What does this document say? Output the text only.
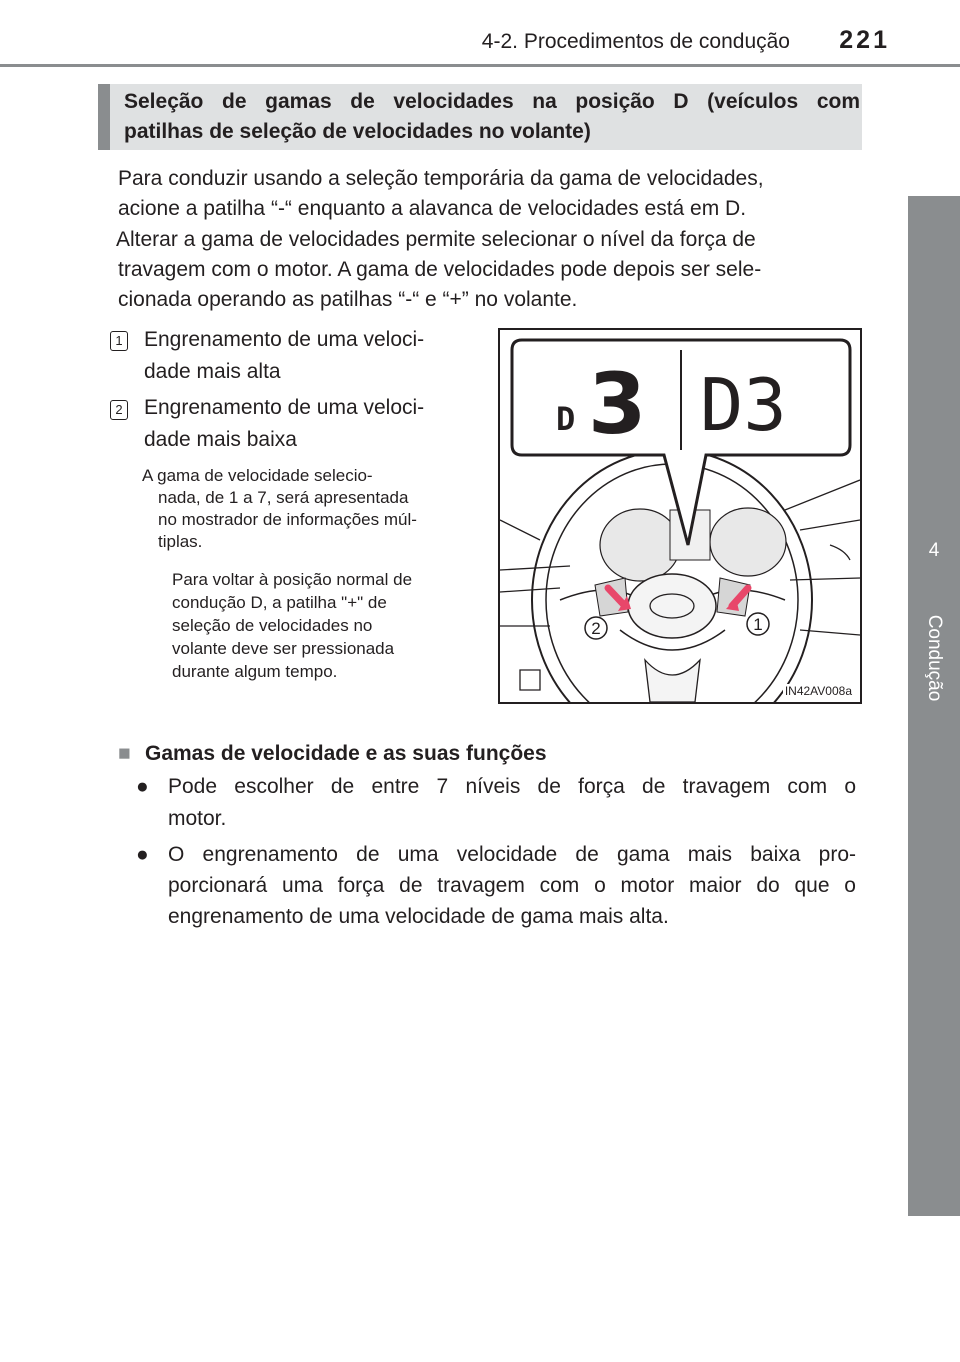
4-2. Procedimentos de condução	221
4
Condução
Seleção de gamas de velocidades na posição D (veículos com
patilhas de seleção de velocidades no volante)
Para conduzir usando a seleção temporária da gama de velocidades,
acione a patilha “-“ enquanto a alavanca de velocidades está em D.
Alterar a gama de velocidades permite selecionar o nível da força de
travagem com o motor. A gama de velocidades pode depois ser sele-
cionada operando as patilhas “-“ e “+” no volante.
1 Engrenamento de uma veloci-
dade mais alta
2 Engrenamento de uma veloci-
dade mais baixa
A gama de velocidade selecio-
nada, de 1 a 7, será apresentada
no mostrador de informações múl-
tiplas.
Para voltar à posição normal de
condução D, a patilha "+" de
seleção de velocidades no
volante deve ser pressionada
durante algum tempo.
2	1
D 3 D3
IN42AV008a
■ Gamas de velocidade e as suas funções
● Pode escolher de entre 7 níveis de força de travagem com o
motor.
● O engrenamento de uma velocidade de gama mais baixa pro-
porcionará uma força de travagem com o motor maior do que o
engrenamento de uma velocidade de gama mais alta.
